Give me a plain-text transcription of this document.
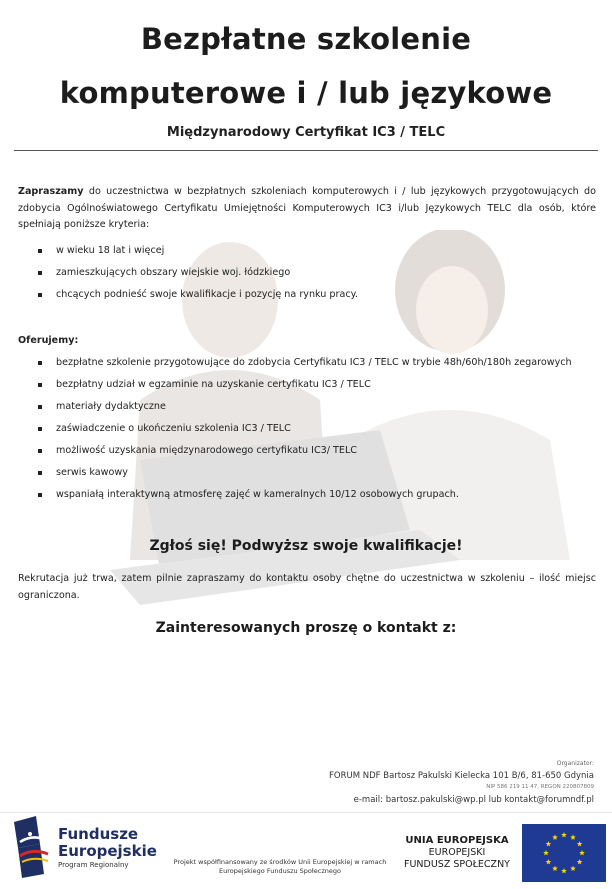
Bezpłatne szkolenie
komputerowe i / lub językowe
Międzynarodowy Certyfikat IC3 / TELC

Zapraszamy do uczestnictwa w bezpłatnych szkoleniach komputerowych i / lub językowych przygotowujących do zdobycia Ogólnoświatowego Certyfikatu Umiejętności Komputerowych IC3 i/lub Językowych TELC dla osób, które spełniają poniższe kryteria:

w wieku 18 lat i więcej
zamieszkujących obszary wiejskie woj. łódzkiego
chcących podnieść swoje kwalifikacje i pozycję na rynku pracy.
Oferujemy:
bezpłatne szkolenie przygotowujące do zdobycia Certyfikatu IC3 / TELC w trybie 48h/60h/180h zegarowych
bezpłatny udział w egzaminie na uzyskanie certyfikatu IC3 / TELC
materiały dydaktyczne
zaświadczenie o ukończeniu szkolenia IC3 / TELC
możliwość uzyskania międzynarodowego certyfikatu IC3/ TELC
serwis kawowy
wspaniałą interaktywną atmosferę zajęć w kameralnych 10/12 osobowych grupach.
Zgłoś się! Podwyższ swoje kwalifikacje!

Rekrutacja już trwa, zatem pilnie zapraszamy do kontaktu osoby chętne do uczestnictwa w szkoleniu – ilość miejsc ograniczona.

Zainteresowanych proszę o kontakt z:
Organizator:
FORUM NDF Bartosz Pakulski Kielecka 101 B/6, 81-650 Gdynia
NIP 586 219 11 47, REGON 220807809
e-mail: bartosz.pakulski@wp.pl lub kontakt@forumndf.pl
Fundusze
Europejskie
Program Regionalny	Projekt współfinansowany ze środków Unii Europejskiej w ramach Europejskiego Funduszu Społecznego
UNIA EUROPEJSKA
EUROPEJSKI
FUNDUSZ SPOŁECZNY
